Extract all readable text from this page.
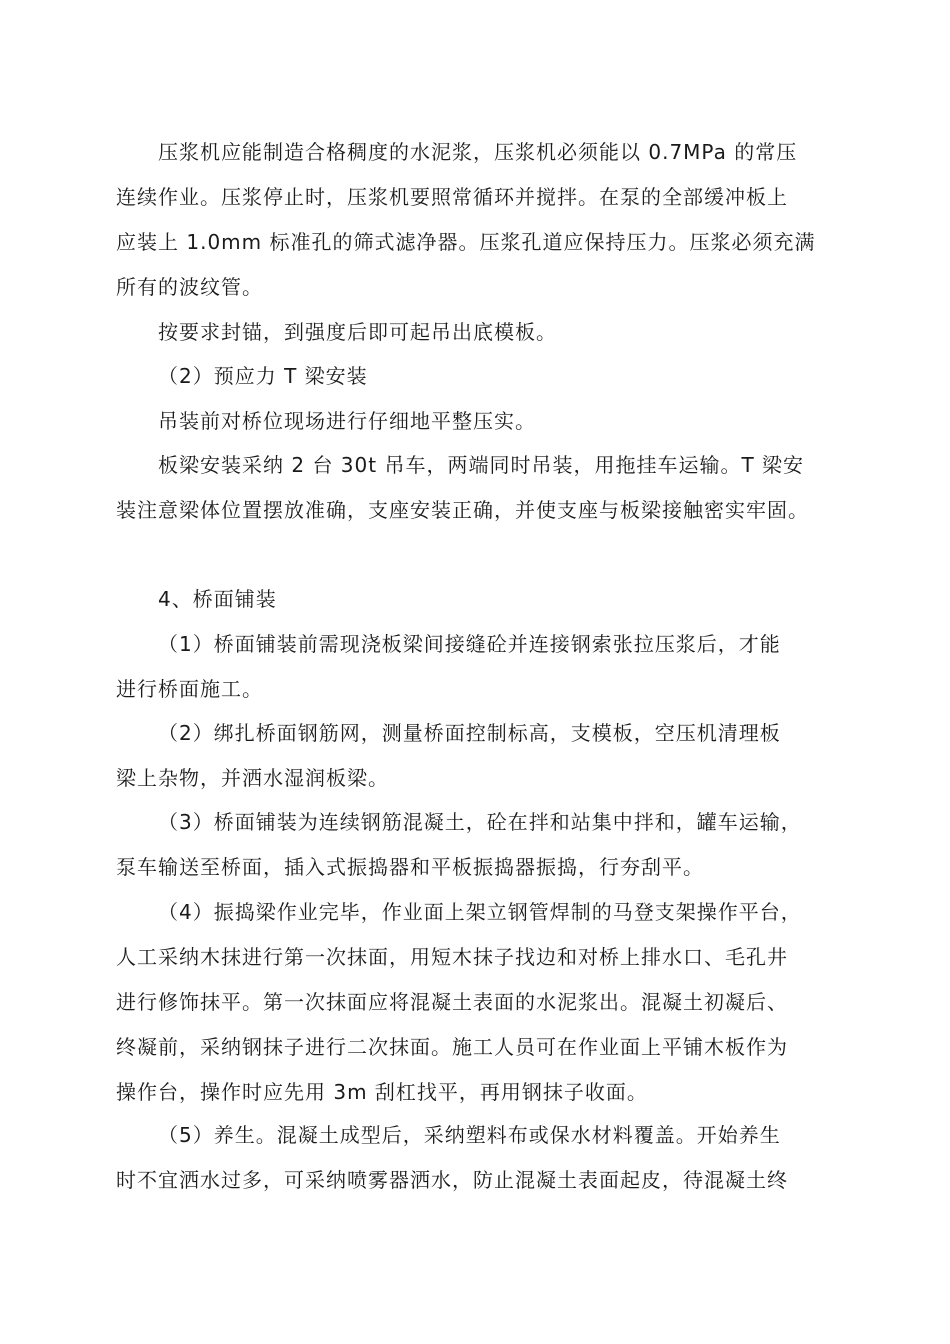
压浆机应能制造合格稠度的水泥浆，压浆机必须能以 0.7MPa 的常压
连续作业。压浆停止时，压浆机要照常循环并搅拌。在泵的全部缓冲板上
应装上 1.0mm 标准孔的筛式滤净器。压浆孔道应保持压力。压浆必须充满
所有的波纹管。

按要求封锚，到强度后即可起吊出底模板。

（2）预应力 T 梁安装

吊装前对桥位现场进行仔细地平整压实。

板梁安装采纳 2 台 30t 吊车，两端同时吊装，用拖挂车运输。T 梁安
装注意梁体位置摆放准确，支座安装正确，并使支座与板梁接触密实牢固。

4、桥面铺装

（1）桥面铺装前需现浇板梁间接缝砼并连接钢索张拉压浆后，才能
进行桥面施工。

（2）绑扎桥面钢筋网，测量桥面控制标高，支模板，空压机清理板
梁上杂物，并洒水湿润板梁。

（3）桥面铺装为连续钢筋混凝土，砼在拌和站集中拌和，罐车运输，
泵车输送至桥面，插入式振捣器和平板振捣器振捣，行夯刮平。

（4）振捣梁作业完毕，作业面上架立钢管焊制的马登支架操作平台，
人工采纳木抹进行第一次抹面，用短木抹子找边和对桥上排水口、毛孔井
进行修饰抹平。第一次抹面应将混凝土表面的水泥浆出。混凝土初凝后、
终凝前，采纳钢抹子进行二次抹面。施工人员可在作业面上平铺木板作为
操作台，操作时应先用 3m 刮杠找平，再用钢抹子收面。

（5）养生。混凝土成型后，采纳塑料布或保水材料覆盖。开始养生
时不宜洒水过多，可采纳喷雾器洒水，防止混凝土表面起皮，待混凝土终
